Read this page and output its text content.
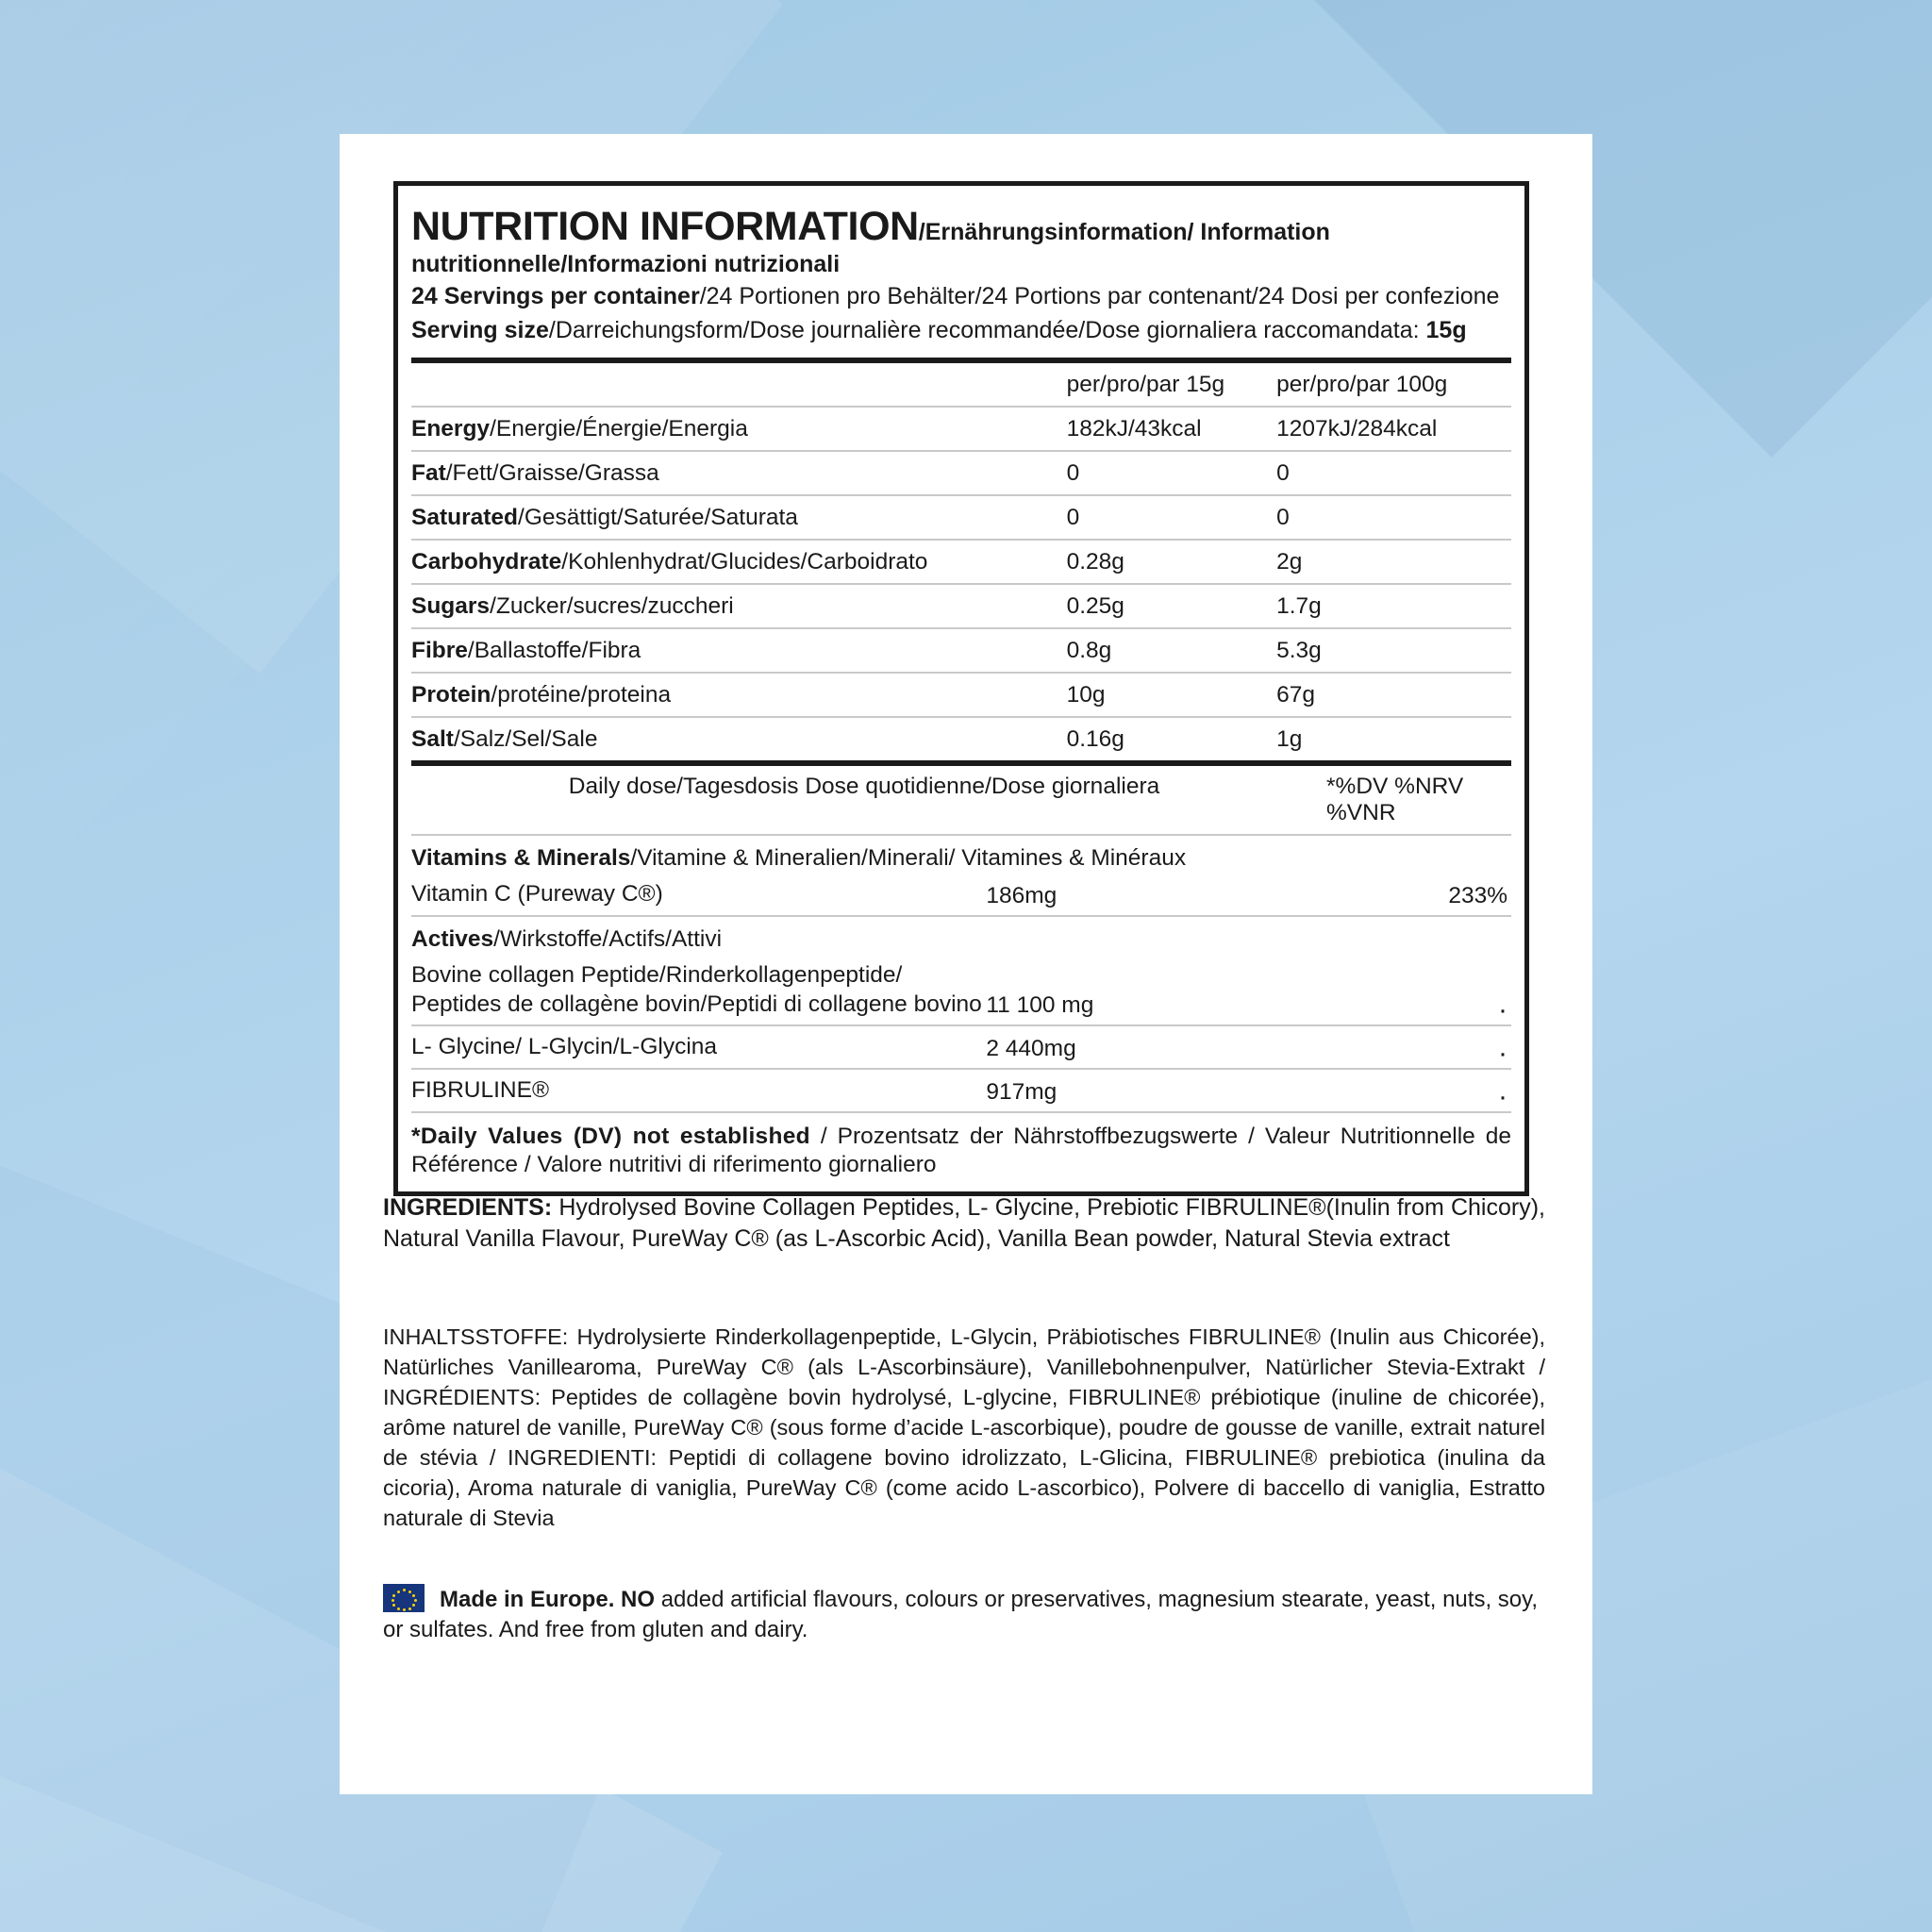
NUTRITION INFORMATION/Ernährungsinformation/ Information
nutritionnelle/Informazioni nutrizionali
24 Servings per container/24 Portionen pro Behälter/24 Portions par contenant/24 Dosi per confezione
Serving size/Darreichungsform/Dose journalière recommandée/Dose giornaliera raccomandata: 15g
	per/pro/par 15g	per/pro/par 100g
Energy/Energie/Énergie/Energia	182kJ/43kcal	1207kJ/284kcal
Fat/Fett/Graisse/Grassa	0	0
Saturated/Gesättigt/Saturée/Saturata	0	0
Carbohydrate/Kohlenhydrat/Glucides/Carboidrato	0.28g	2g
Sugars/Zucker/sucres/zuccheri	0.25g	1.7g
Fibre/Ballastoffe/Fibra	0.8g	5.3g
Protein/protéine/proteina	10g	67g
Salt/Salz/Sel/Sale	0.16g	1g
Daily dose/Tagesdosis Dose quotidienne/Dose giornaliera	*%DV %NRV %VNR
Vitamins & Minerals/Vitamine & Mineralien/Minerali/ Vitamines & Minéraux		
Vitamin C (Pureway C®)	186mg	233%
Actives/Wirkstoffe/Actifs/Attivi		
Bovine collagen Peptide/Rinderkollagenpeptide/ Peptides de collagène bovin/Peptidi di collagene bovino	11 100 mg	·
L- Glycine/ L-Glycin/L-Glycina	2 440mg	·
FIBRULINE®	917mg	·
*Daily Values (DV) not established / Prozentsatz der Nährstoffbezugswerte / Valeur Nutritionnelle de Référence / Valore nutritivi di riferimento giornaliero
INGREDIENTS: Hydrolysed Bovine Collagen Peptides, L- Glycine, Prebiotic FIBRULINE®(Inulin from Chicory), Natural Vanilla Flavour, PureWay C® (as L-Ascorbic Acid), Vanilla Bean powder, Natural Stevia extract
INHALTSSTOFFE: Hydrolysierte Rinderkollagenpeptide, L-Glycin, Präbiotisches FIBRULINE® (Inulin aus Chicorée), Natürliches Vanillearoma, PureWay C® (als L-Ascorbinsäure), Vanillebohnenpulver, Natürlicher Stevia-Extrakt / INGRÉDIENTS: Peptides de collagène bovin hydrolysé, L-glycine, FIBRULINE® prébiotique (inuline de chicorée), arôme naturel de vanille, PureWay C® (sous forme d’acide L-ascorbique), poudre de gousse de vanille, extrait naturel de stévia / INGREDIENTI: Peptidi di collagene bovino idrolizzato, L-Glicina, FIBRULINE® prebiotica (inulina da cicoria), Aroma naturale di vaniglia, PureWay C® (come acido L-ascorbico), Polvere di baccello di vaniglia, Estratto naturale di Stevia
Made in Europe. NO added artificial flavours, colours or preservatives, magnesium stearate, yeast, nuts, soy, or sulfates. And free from gluten and dairy.
